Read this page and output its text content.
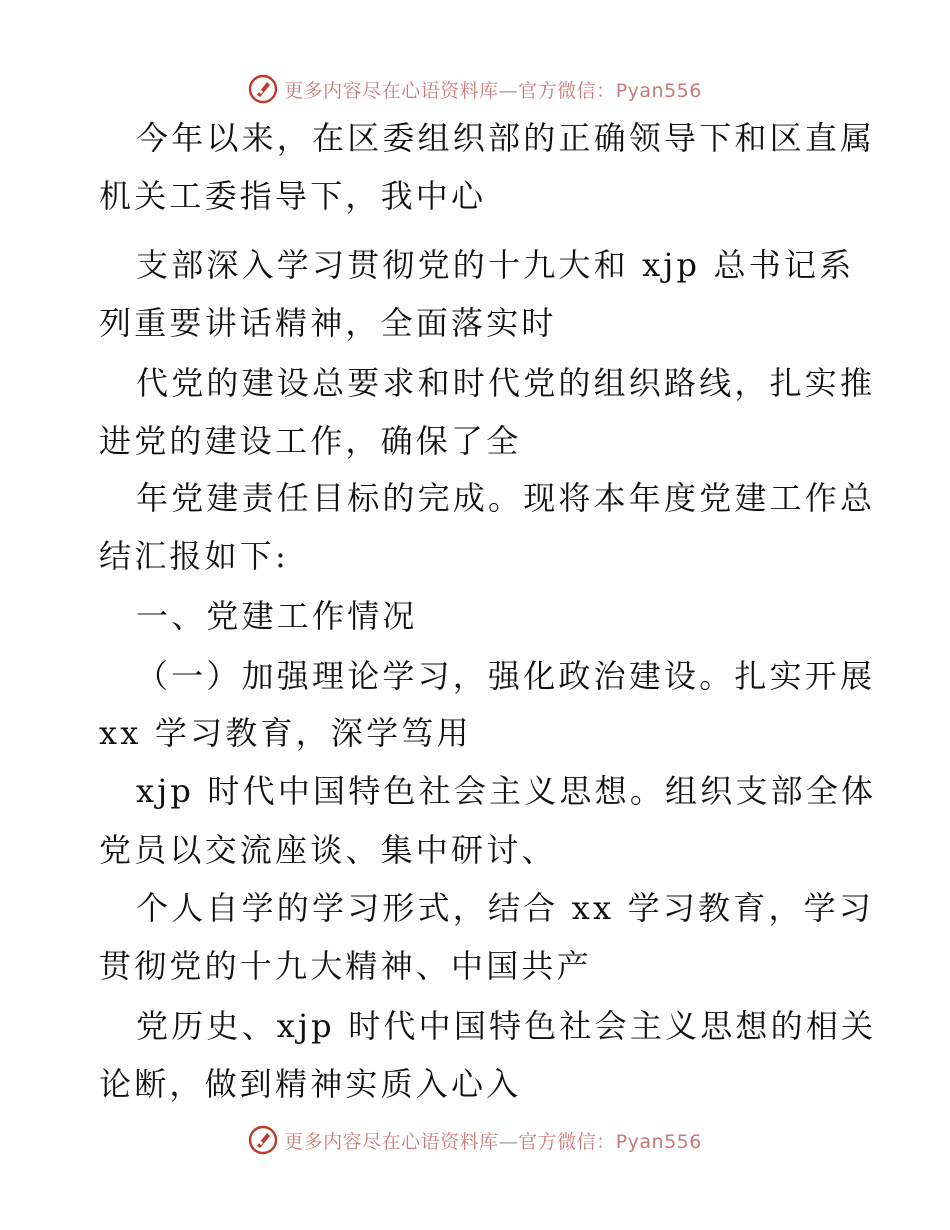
更多内容尽在心语资料库—官方微信：Pyan556
今年以来，在区委组织部的正确领导下和区直属
机关工委指导下，我中心
支部深入学习贯彻党的十九大和 xjp 总书记系
列重要讲话精神，全面落实时
代党的建设总要求和时代党的组织路线，扎实推
进党的建设工作，确保了全
年党建责任目标的完成。现将本年度党建工作总
结汇报如下:
一、党建工作情况
（一）加强理论学习，强化政治建设。扎实开展
xx 学习教育，深学笃用
xjp 时代中国特色社会主义思想。组织支部全体
党员以交流座谈、集中研讨、
个人自学的学习形式，结合 xx 学习教育，学习
贯彻党的十九大精神、中国共产
党历史、xjp 时代中国特色社会主义思想的相关
论断，做到精神实质入心入
更多内容尽在心语资料库—官方微信：Pyan556
